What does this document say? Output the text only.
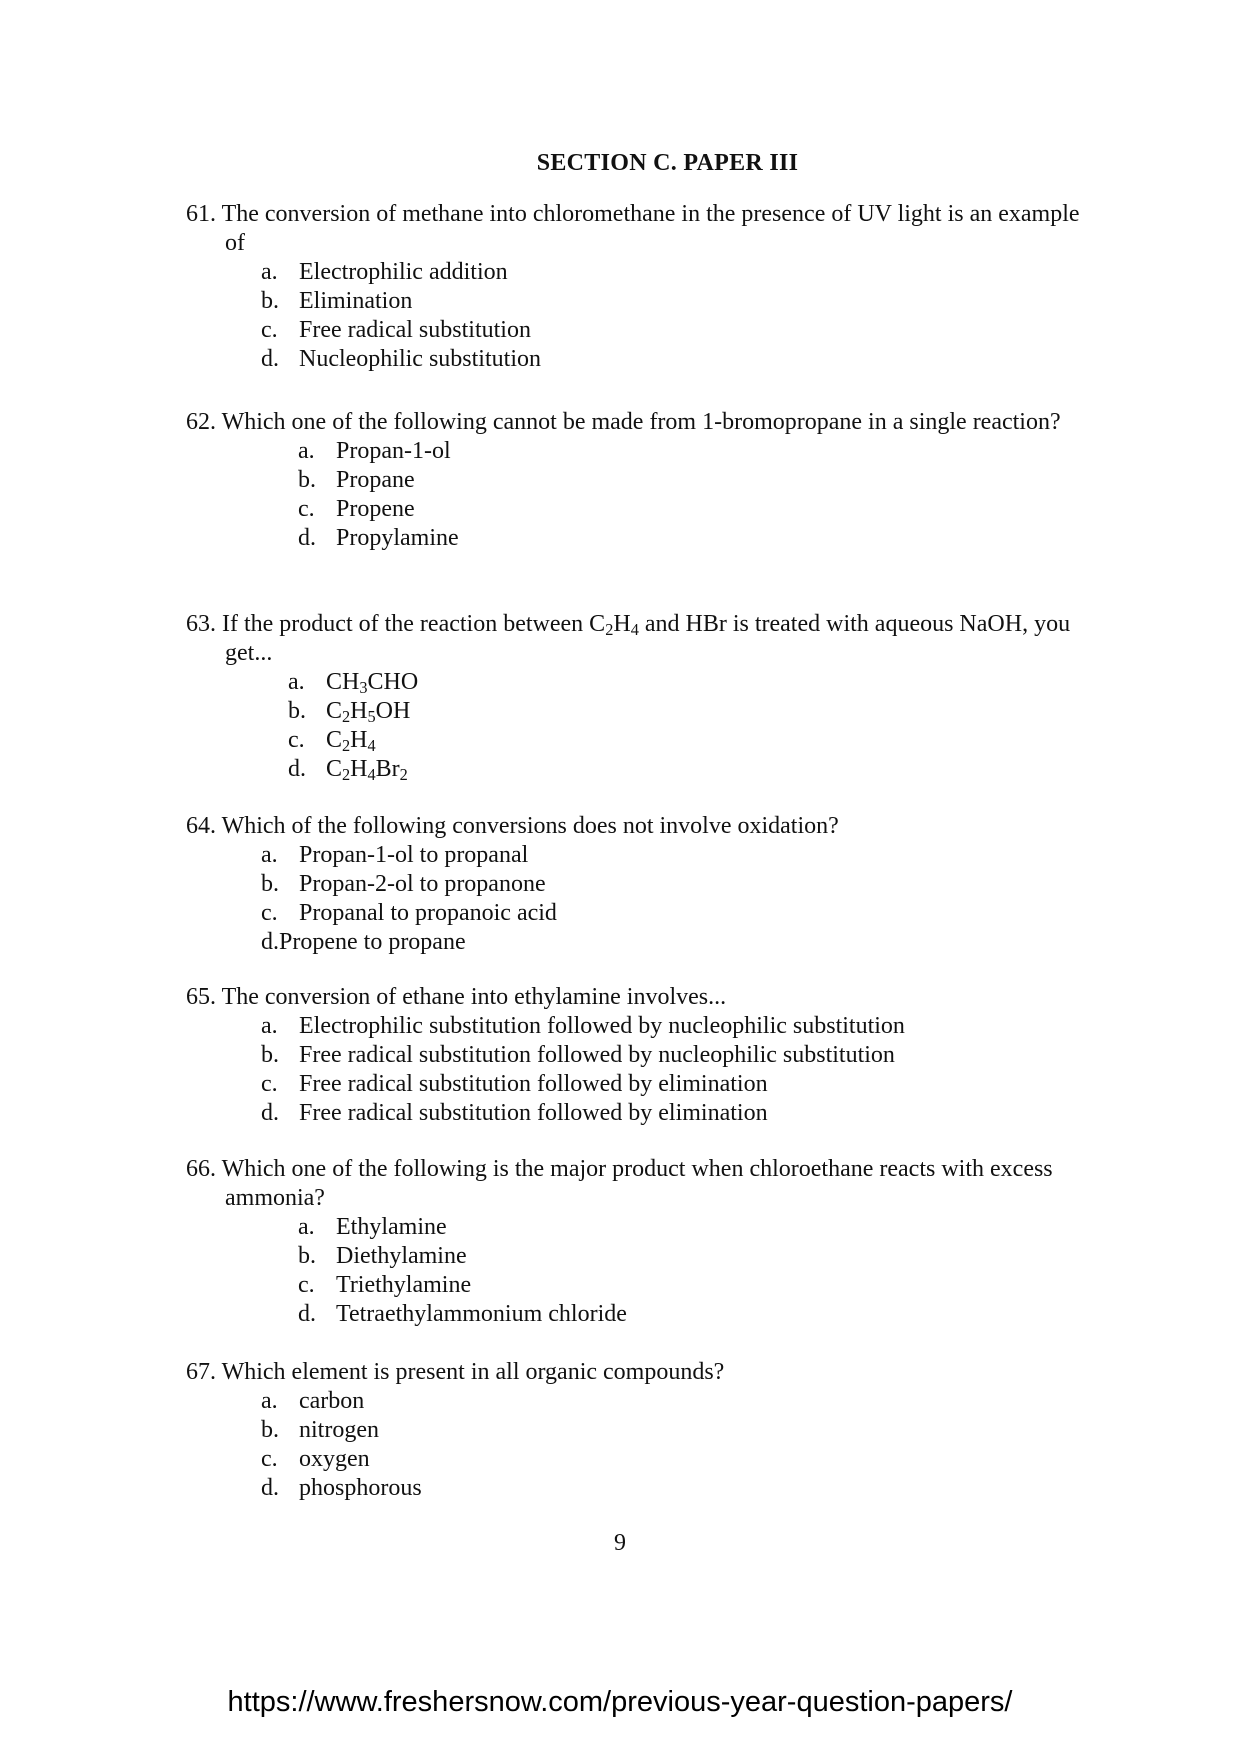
SECTION C. PAPER III
61. The conversion of methane into chloromethane in the presence of UV light is an example of
a. Electrophilic addition
b. Elimination
c. Free radical substitution
d. Nucleophilic substitution
62. Which one of the following cannot be made from 1-bromopropane in a single reaction?
a. Propan-1-ol
b. Propane
c. Propene
d. Propylamine
63. If the product of the reaction between $C_2H_4$ and HBr is treated with aqueous NaOH, you get...
a. $CH_3CHO$
b. $C_2H_5OH$
c. $C_2H_4$
d. $C_2H_4Br_2$
64. Which of the following conversions does not involve oxidation?
a. Propan-1-ol to propanal
b. Propan-2-ol to propanone
c. Propanal to propanoic acid
d.Propene to propane
65. The conversion of ethane into ethylamine involves...
a. Electrophilic substitution followed by nucleophilic substitution
b. Free radical substitution followed by nucleophilic substitution
c. Free radical substitution followed by elimination
d. Free radical substitution followed by elimination
66. Which one of the following is the major product when chloroethane reacts with excess ammonia?
a. Ethylamine
b. Diethylamine
c. Triethylamine
d. Tetraethylammonium chloride
67. Which element is present in all organic compounds?
a. carbon
b. nitrogen
c. oxygen
d. phosphorous
9
https://www.freshersnow.com/previous-year-question-papers/
